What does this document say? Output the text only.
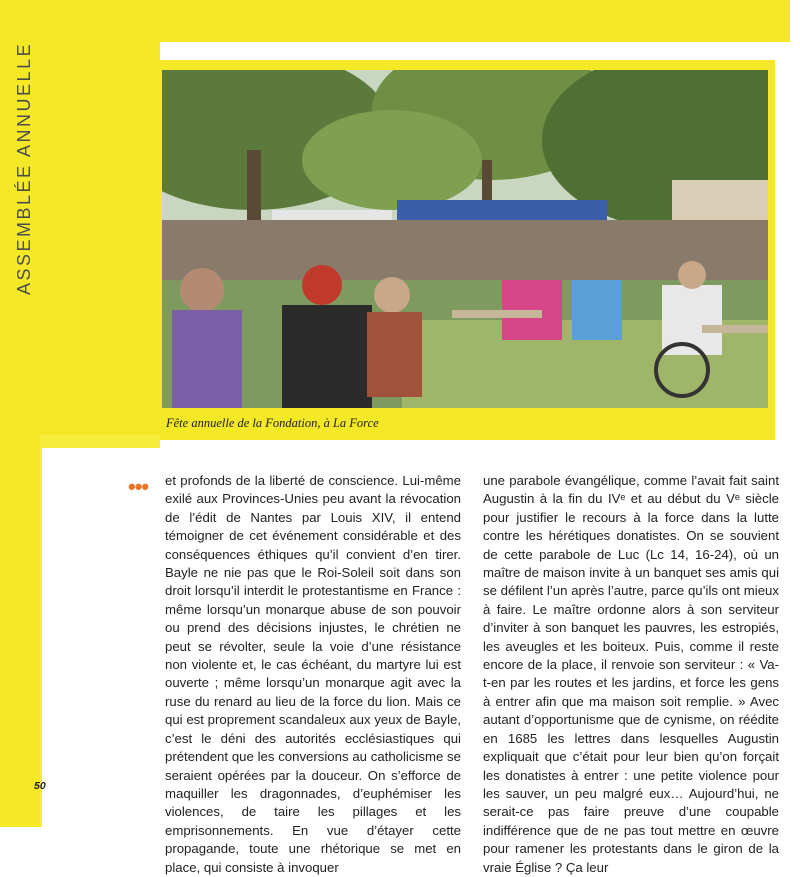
ASSEMBLÉE ANNUELLE
Fête annuelle de la Fondation, à La Force
••• et profonds de la liberté de conscience. Lui-même exilé aux Provinces-Unies peu avant la révocation de l’édit de Nantes par Louis XIV, il entend témoigner de cet événement considérable et des conséquences éthiques qu’il convient d’en tirer. Bayle ne nie pas que le Roi-Soleil soit dans son droit lorsqu’il interdit le protestantisme en France : même lorsqu’un monarque abuse de son pouvoir ou prend des décisions injustes, le chrétien ne peut se révolter, seule la voie d’une résistance non violente et, le cas échéant, du martyre lui est ouverte ; même lorsqu’un monarque agit avec la ruse du renard au lieu de la force du lion. Mais ce qui est proprement scandaleux aux yeux de Bayle, c’est le déni des autorités ecclésiastiques qui prétendent que les conversions au catholicisme se seraient opérées par la douceur. On s’efforce de maquiller les dragonnades, d’euphémiser les violences, de taire les pillages et les emprisonnements. En vue d’étayer cette propagande, toute une rhétorique se met en place, qui consiste à invoquer
une parabole évangélique, comme l’avait fait saint Augustin à la fin du IVᵉ et au début du Vᵉ siècle pour justifier le recours à la force dans la lutte contre les hérétiques donatistes. On se souvient de cette parabole de Luc (Lc 14, 16-24), où un maître de maison invite à un banquet ses amis qui se défilent l’un après l’autre, parce qu’ils ont mieux à faire. Le maître ordonne alors à son serviteur d’inviter à son banquet les pauvres, les estropiés, les aveugles et les boiteux. Puis, comme il reste encore de la place, il renvoie son serviteur : « Va-t-en par les routes et les jardins, et force les gens à entrer afin que ma maison soit remplie. » Avec autant d’opportunisme que de cynisme, on réédite en 1685 les lettres dans lesquelles Augustin expliquait que c’était pour leur bien qu’on forçait les donatistes à entrer : une petite violence pour les sauver, un peu malgré eux… Aujourd’hui, ne serait-ce pas faire preuve d’une coupable indifférence que de ne pas tout mettre en œuvre pour ramener les protestants dans le giron de la vraie Église ? Ça leur
50
